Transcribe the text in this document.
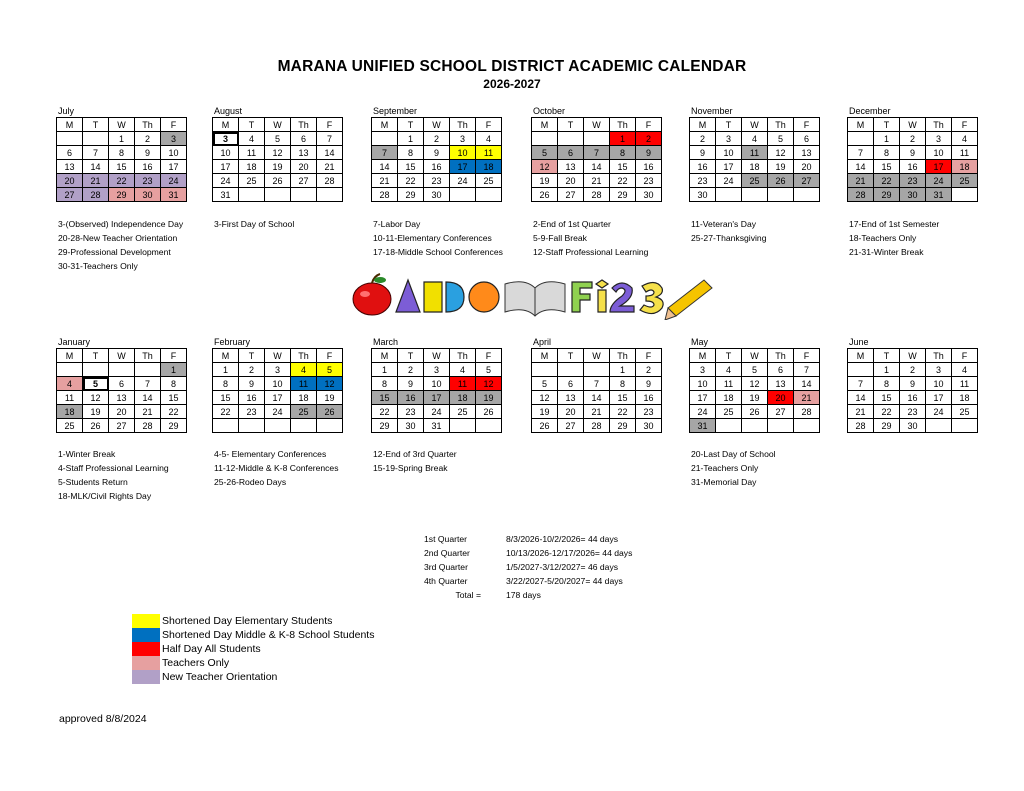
MARANA UNIFIED SCHOOL DISTRICT ACADEMIC CALENDAR
2026-2027
July
M	T	W	Th	F
		1	2	3
6	7	8	9	10
13	14	15	16	17
20	21	22	23	24
27	28	29	30	31
August
M	T	W	Th	F
3	4	5	6	7
10	11	12	13	14
17	18	19	20	21
24	25	26	27	28
31				
September
M	T	W	Th	F
	1	2	3	4
7	8	9	10	11
14	15	16	17	18
21	22	23	24	25
28	29	30		
October
M	T	W	Th	F
			1	2
5	6	7	8	9
12	13	14	15	16
19	20	21	22	23
26	27	28	29	30
November
M	T	W	Th	F
2	3	4	5	6
9	10	11	12	13
16	17	18	19	20
23	24	25	26	27
30				
December
M	T	W	Th	F
	1	2	3	4
7	8	9	10	11
14	15	16	17	18
21	22	23	24	25
28	29	30	31	
January
M	T	W	Th	F
				1
4	5	6	7	8
11	12	13	14	15
18	19	20	21	22
25	26	27	28	29
February
M	T	W	Th	F
1	2	3	4	5
8	9	10	11	12
15	16	17	18	19
22	23	24	25	26

March
M	T	W	Th	F
1	2	3	4	5
8	9	10	11	12
15	16	17	18	19
22	23	24	25	26
29	30	31		
April
M	T	W	Th	F
			1	2
5	6	7	8	9
12	13	14	15	16
19	20	21	22	23
26	27	28	29	30
May
M	T	W	Th	F
3	4	5	6	7
10	11	12	13	14
17	18	19	20	21
24	25	26	27	28
31				
June
M	T	W	Th	F
	1	2	3	4
7	8	9	10	11
14	15	16	17	18
21	22	23	24	25
28	29	30		
3-(Observed) Independence Day
20-28-New Teacher Orientation
29-Professional Development
30-31-Teachers Only
3-First Day of School	7-Labor Day
10-11-Elementary Conferences
17-18-Middle School Conferences
2-End of 1st Quarter
5-9-Fall Break
12-Staff Professional Learning
11-Veteran's Day
25-27-Thanksgiving
17-End of 1st Semester
18-Teachers Only
21-31-Winter Break
1-Winter Break
4-Staff Professional Learning
5-Students Return
18-MLK/Civil Rights Day
4-5- Elementary Conferences
11-12-Middle & K-8 Conferences
25-26-Rodeo Days
12-End of 3rd Quarter
15-19-Spring Break
20-Last Day of School
21-Teachers Only
31-Memorial Day
1st Quarter	8/3/2026-10/2/2026= 44 days
2nd Quarter	10/13/2026-12/17/2026= 44 days
3rd Quarter	1/5/2027-3/12/2027= 46 days
4th Quarter	3/22/2027-5/20/2027= 44 days
Total =	178 days
Shortened Day Elementary Students
Shortened Day Middle & K-8 School Students
Half Day All Students
Teachers Only
New Teacher Orientation
approved 8/8/2024
